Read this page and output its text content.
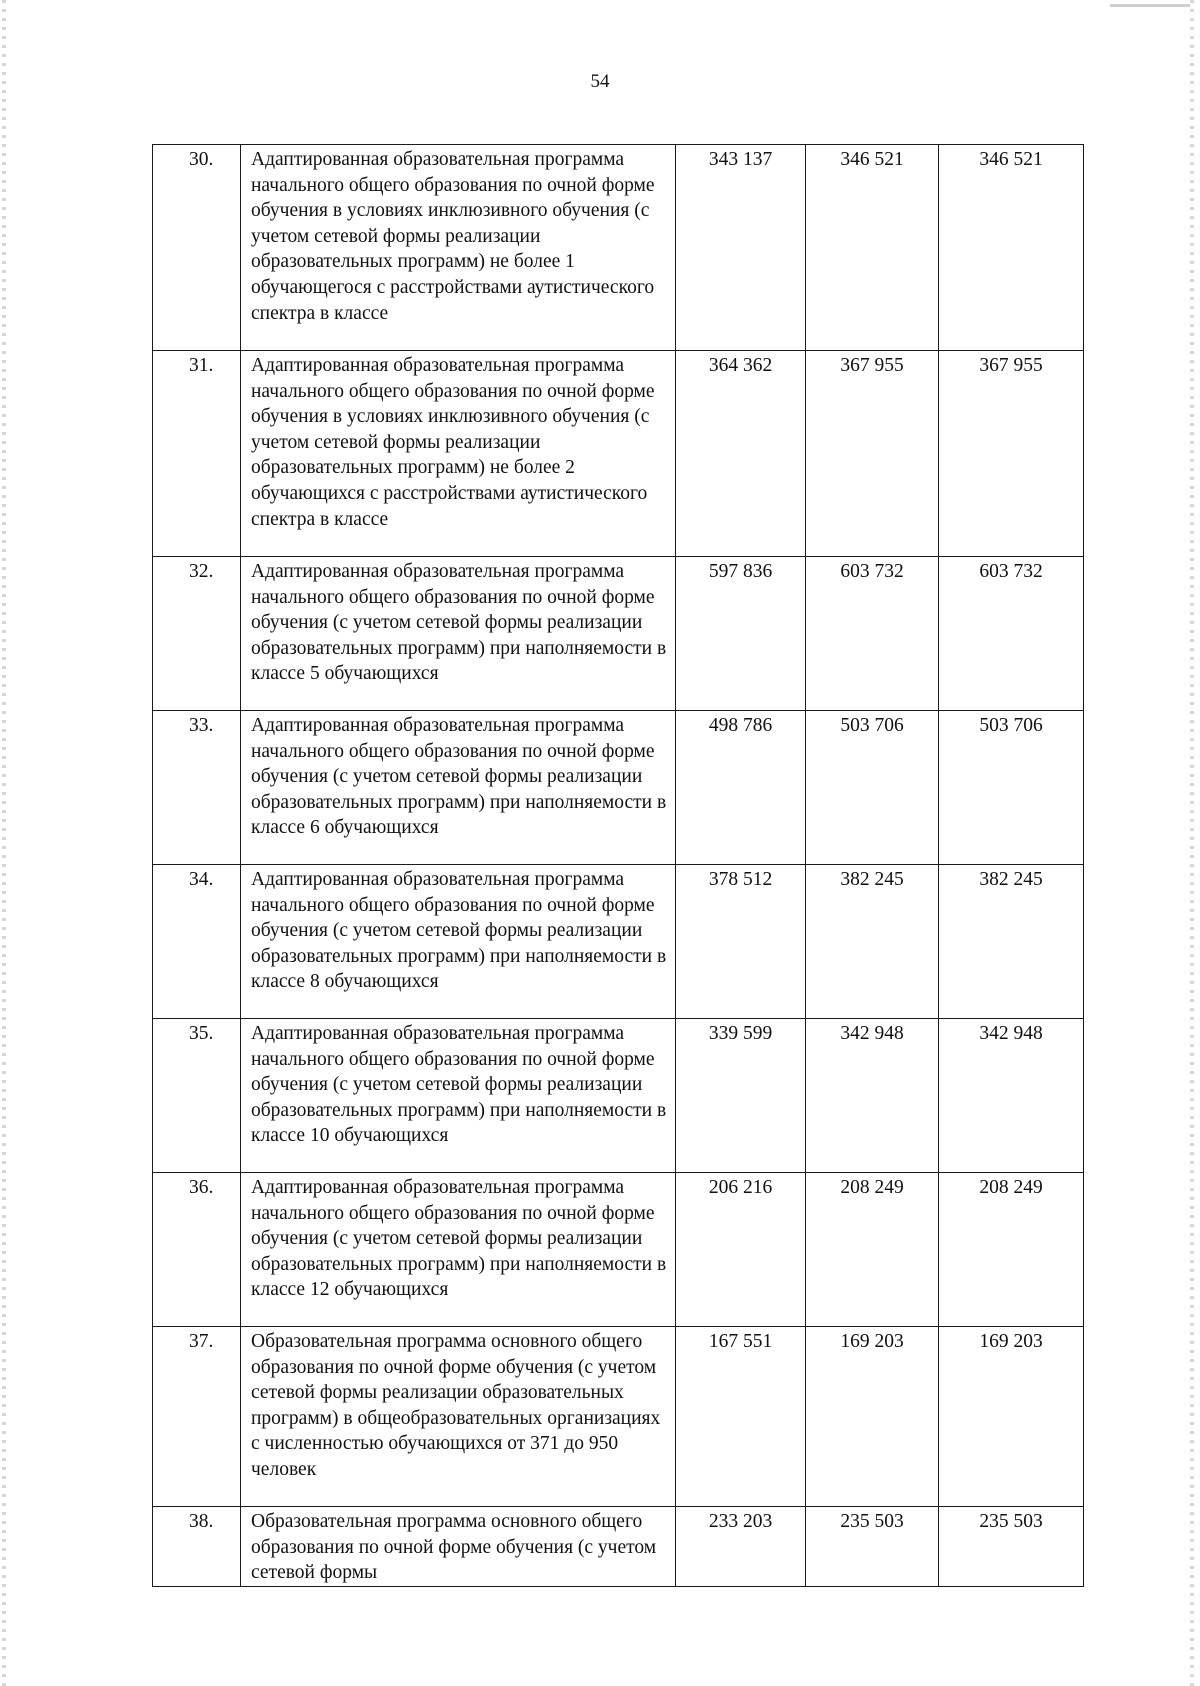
54
30.	Адаптированная образовательная программа начального общего образования по очной форме обучения в условиях инклюзивного обучения (с учетом сетевой формы реализации образовательных программ) не более 1 обучающегося с расстройствами аутистического спектра в классе	343 137	346 521	346 521
31.	Адаптированная образовательная программа начального общего образования по очной форме обучения в условиях инклюзивного обучения (с учетом сетевой формы реализации образовательных программ) не более 2 обучающихся с расстройствами аутистического спектра в классе	364 362	367 955	367 955
32.	Адаптированная образовательная программа начального общего образования по очной форме обучения (с учетом сетевой формы реализации образовательных программ) при наполняемости в классе 5 обучающихся	597 836	603 732	603 732
33.	Адаптированная образовательная программа начального общего образования по очной форме обучения (с учетом сетевой формы реализации образовательных программ) при наполняемости в классе 6 обучающихся	498 786	503 706	503 706
34.	Адаптированная образовательная программа начального общего образования по очной форме обучения (с учетом сетевой формы реализации образовательных программ) при наполняемости в классе 8 обучающихся	378 512	382 245	382 245
35.	Адаптированная образовательная программа начального общего образования по очной форме обучения (с учетом сетевой формы реализации образовательных программ) при наполняемости в классе 10 обучающихся	339 599	342 948	342 948
36.	Адаптированная образовательная программа начального общего образования по очной форме обучения (с учетом сетевой формы реализации образовательных программ) при наполняемости в классе 12 обучающихся	206 216	208 249	208 249
37.	Образовательная программа основного общего образования по очной форме обучения (с учетом сетевой формы реализации образовательных программ) в общеобразовательных организациях с численностью обучающихся от 371 до 950 человек	167 551	169 203	169 203
38.	Образовательная программа основного общего образования по очной форме обучения (с учетом сетевой формы	233 203	235 503	235 503
